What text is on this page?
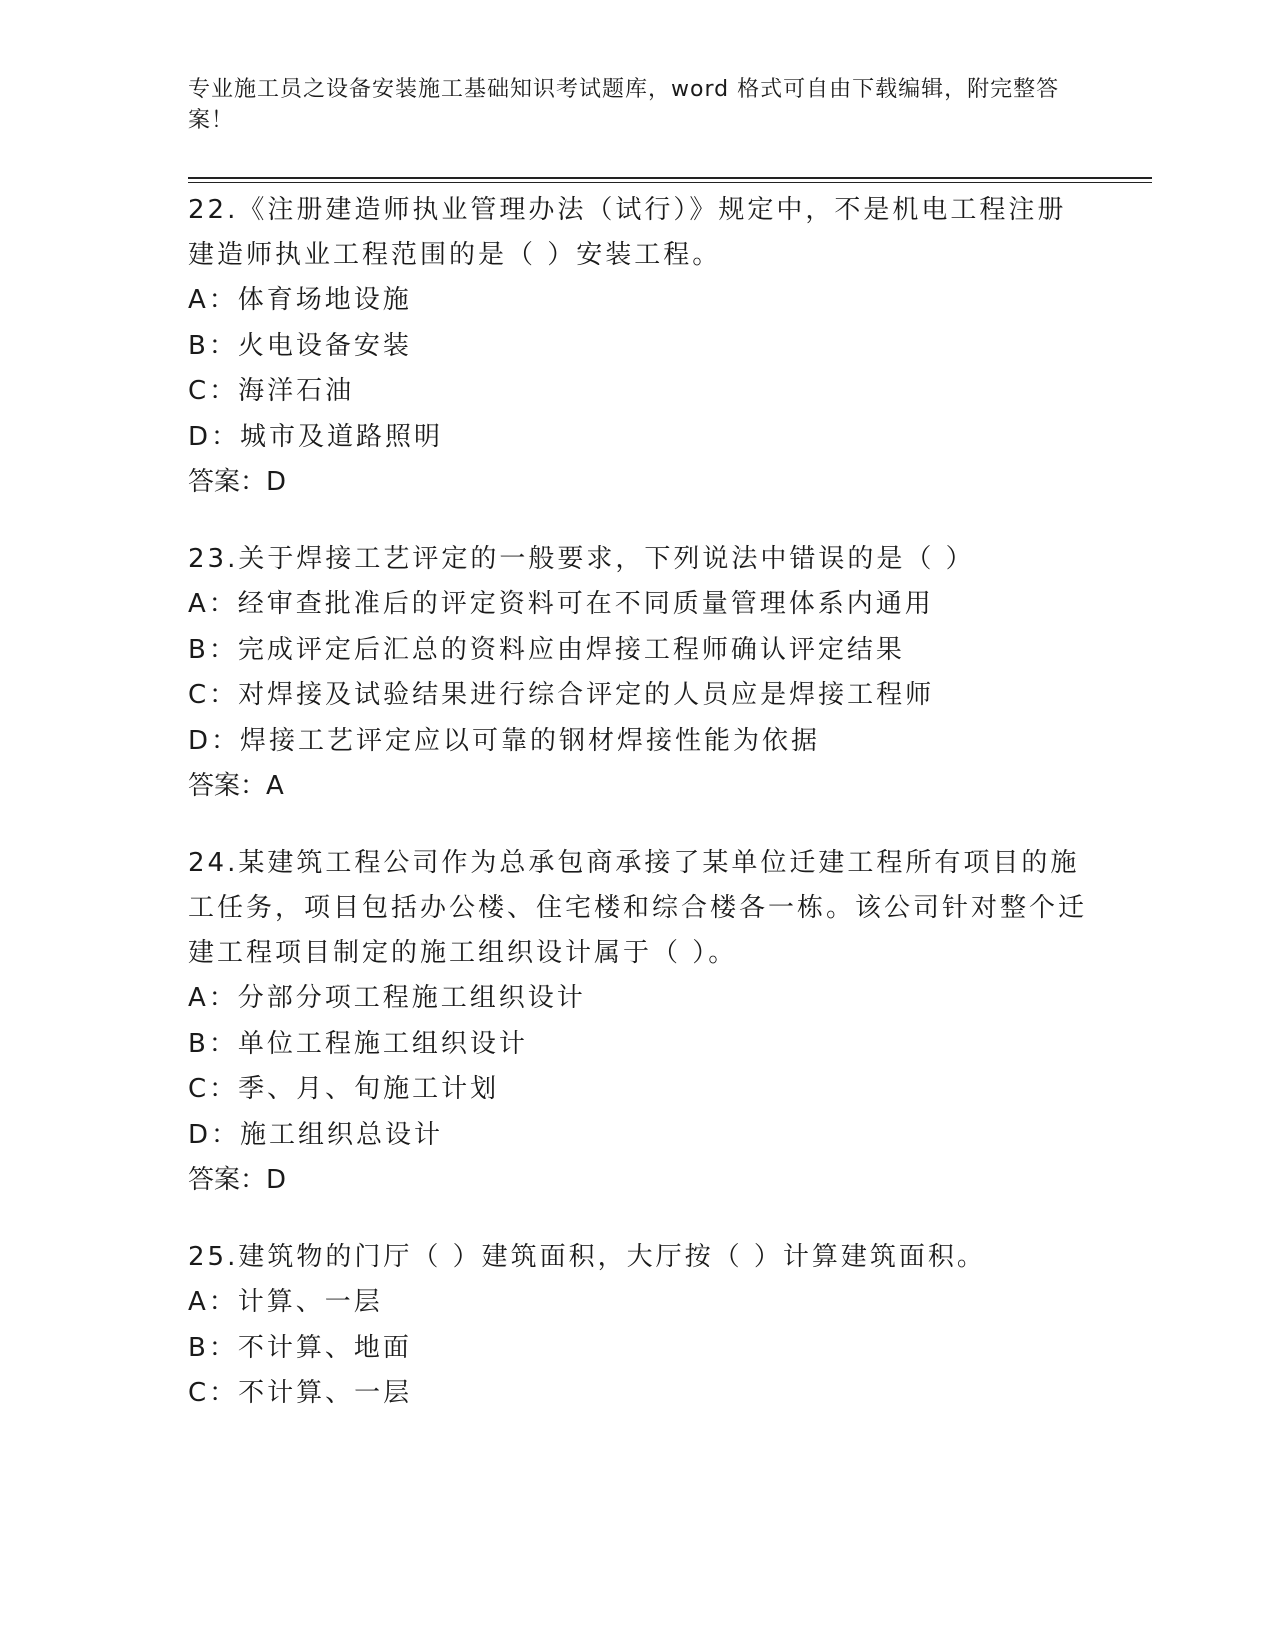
专业施工员之设备安装施工基础知识考试题库，word 格式可自由下载编辑，附完整答案！

22.《注册建造师执业管理办法（试行）》规定中，不是机电工程注册建造师执业工程范围的是（ ）安装工程。

A：体育场地设施

B：火电设备安装

C：海洋石油

D：城市及道路照明

答案：D

23.关于焊接工艺评定的一般要求，下列说法中错误的是（ ）

A：经审查批准后的评定资料可在不同质量管理体系内通用

B：完成评定后汇总的资料应由焊接工程师确认评定结果

C：对焊接及试验结果进行综合评定的人员应是焊接工程师

D：焊接工艺评定应以可靠的钢材焊接性能为依据

答案：A

24.某建筑工程公司作为总承包商承接了某单位迁建工程所有项目的施工任务，项目包括办公楼、住宅楼和综合楼各一栋。该公司针对整个迁建工程项目制定的施工组织设计属于（ ）。

A：分部分项工程施工组织设计

B：单位工程施工组织设计

C：季、月、旬施工计划

D：施工组织总设计

答案：D

25.建筑物的门厅（ ）建筑面积，大厅按（ ）计算建筑面积。

A：计算、一层

B：不计算、地面

C：不计算、一层
